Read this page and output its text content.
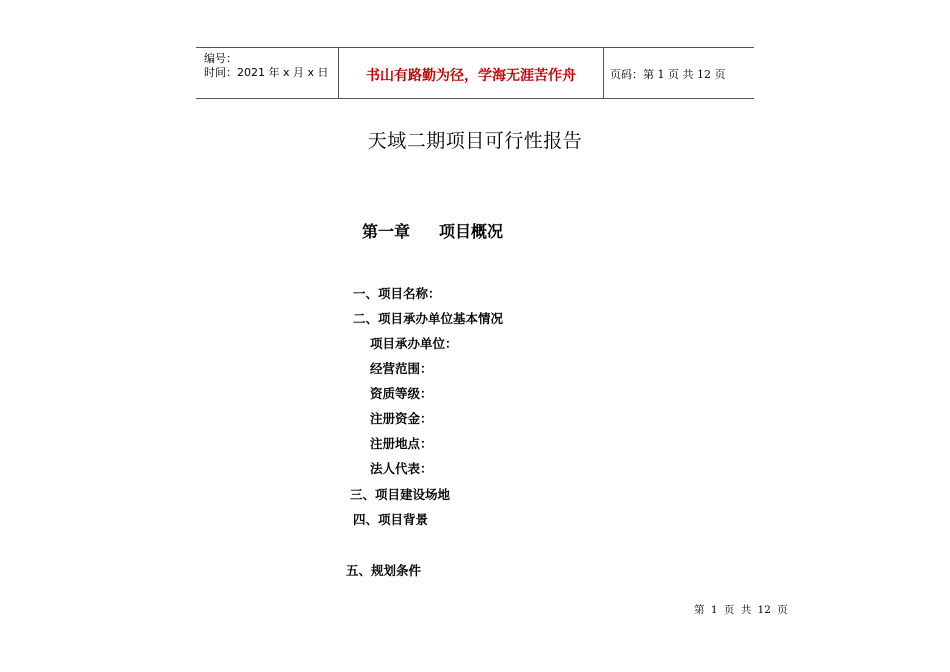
编号：
时间：2021 年 x 月 x 日	书山有路勤为径，学海无涯苦作舟	页码：第 1 页 共 12 页
天域二期项目可行性报告
第一章 项目概况
一、项目名称：
二、项目承办单位基本情况
项目承办单位：
经营范围：
资质等级：
注册资金：
注册地点：
法人代表：
三、项目建设场地
四、项目背景
五、规划条件
第 1 页 共 12 页
